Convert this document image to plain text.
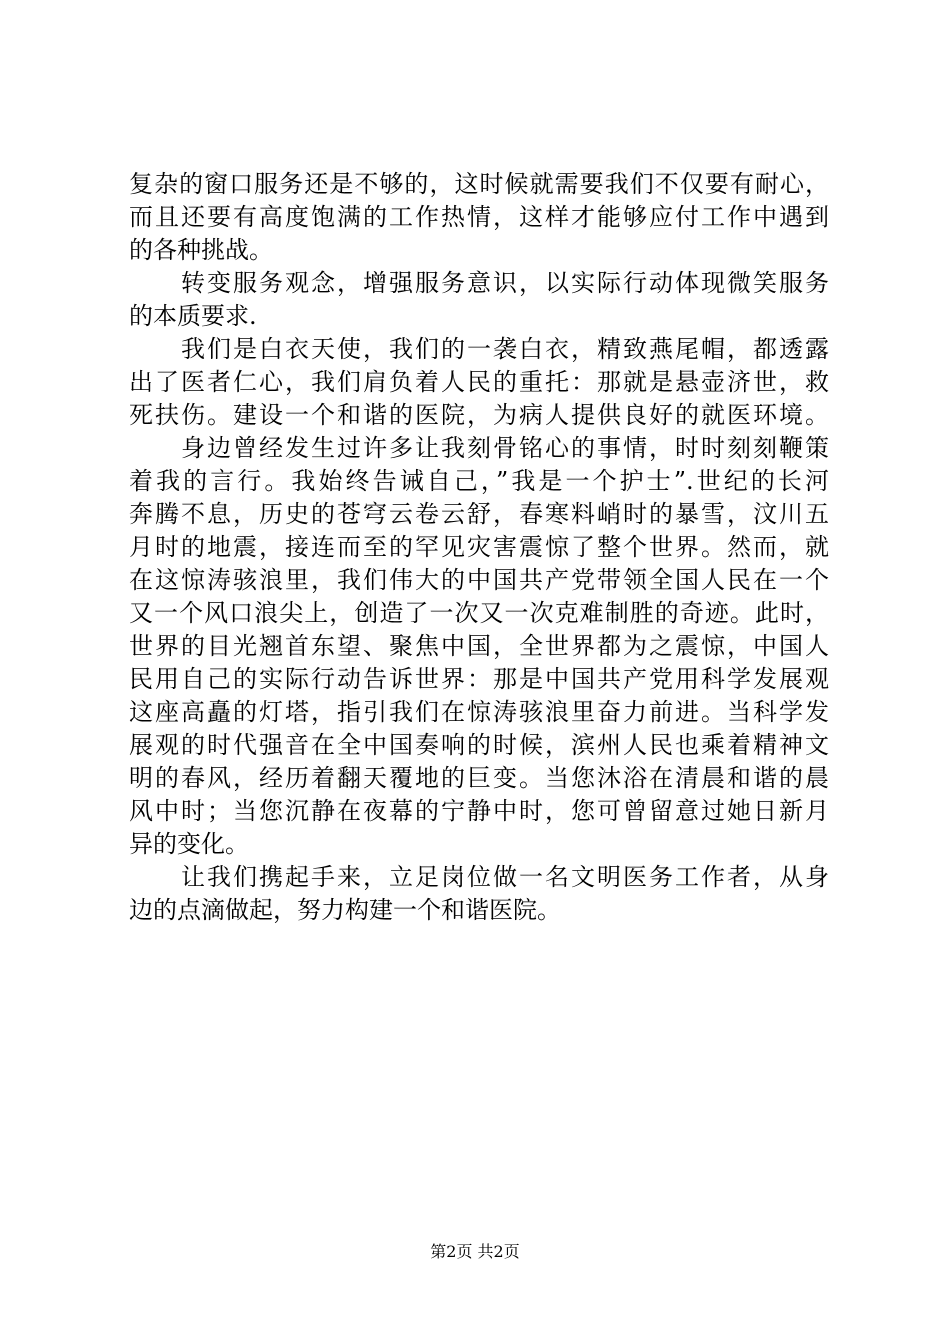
复杂的窗口服务还是不够的，这时候就需要我们不仅要有耐心，
而且还要有高度饱满的工作热情，这样才能够应付工作中遇到
的各种挑战。
转变服务观念，增强服务意识，以实际行动体现微笑服务
的本质要求.
我们是白衣天使，我们的一袭白衣，精致燕尾帽，都透露
出了医者仁心，我们肩负着人民的重托：那就是悬壶济世，救
死扶伤。建设一个和谐的医院，为病人提供良好的就医环境。
身边曾经发生过许多让我刻骨铭心的事情，时时刻刻鞭策
着我的言行。我始终告诫自己，”我是一个护士”.世纪的长河
奔腾不息，历史的苍穹云卷云舒，春寒料峭时的暴雪，汶川五
月时的地震，接连而至的罕见灾害震惊了整个世界。然而，就
在这惊涛骇浪里，我们伟大的中国共产党带领全国人民在一个
又一个风口浪尖上，创造了一次又一次克难制胜的奇迹。此时，
世界的目光翘首东望、聚焦中国，全世界都为之震惊，中国人
民用自己的实际行动告诉世界：那是中国共产党用科学发展观
这座高矗的灯塔，指引我们在惊涛骇浪里奋力前进。当科学发
展观的时代强音在全中国奏响的时候，滨州人民也乘着精神文
明的春风，经历着翻天覆地的巨变。当您沐浴在清晨和谐的晨
风中时；当您沉静在夜幕的宁静中时，您可曾留意过她日新月
异的变化。
让我们携起手来，立足岗位做一名文明医务工作者，从身
边的点滴做起，努力构建一个和谐医院。
第2页 共2页
